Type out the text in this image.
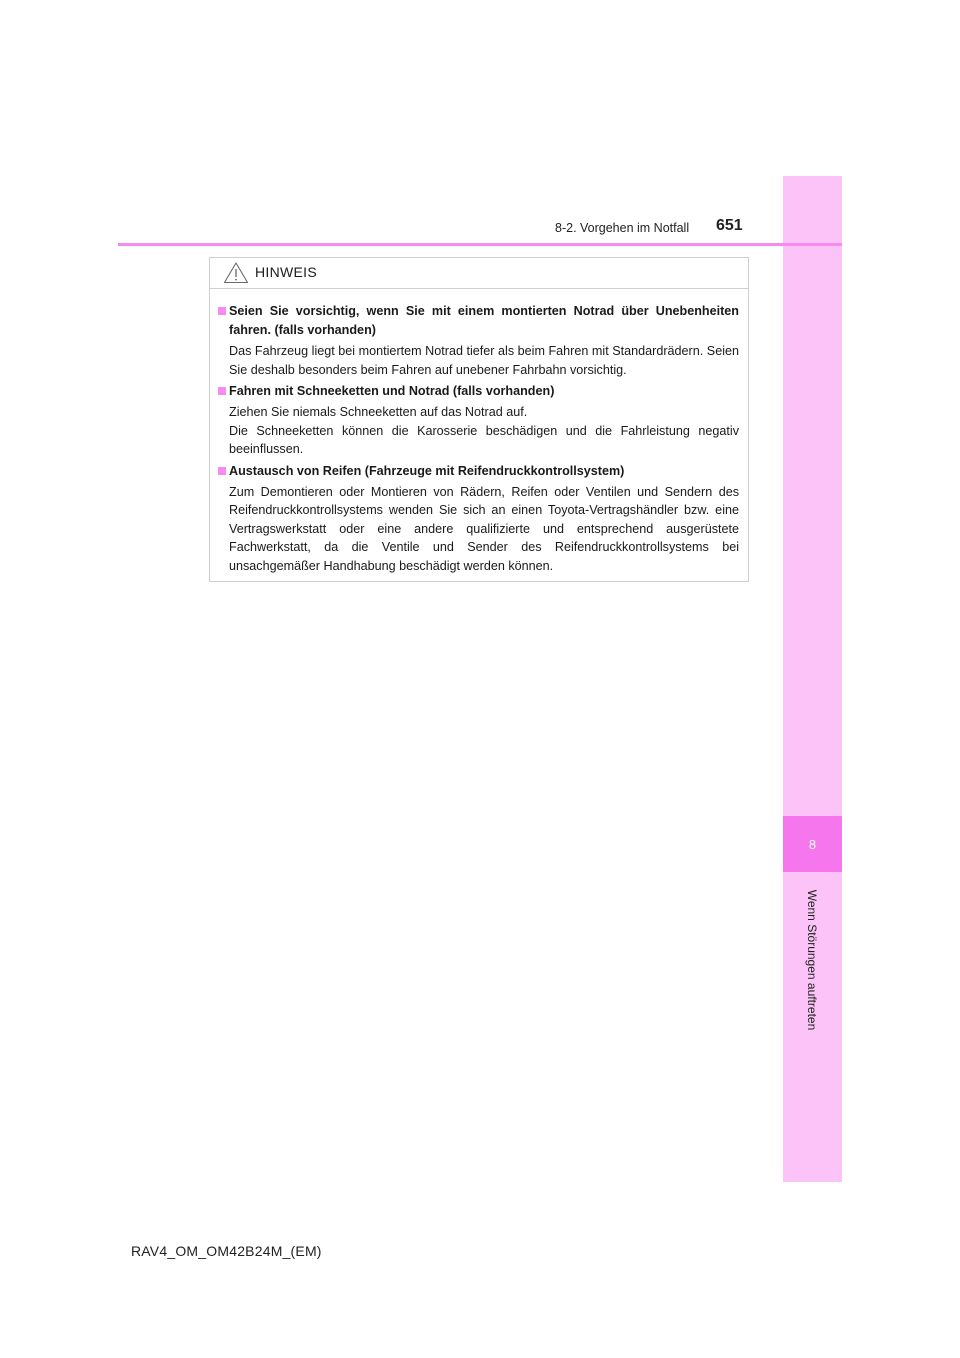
8
Wenn Störungen auftreten
8-2. Vorgehen im Notfall 651
HINWEIS
Seien Sie vorsichtig, wenn Sie mit einem montierten Notrad über Unebenheiten fahren. (falls vorhanden)
Das Fahrzeug liegt bei montiertem Notrad tiefer als beim Fahren mit Standardrädern. Seien Sie deshalb besonders beim Fahren auf unebener Fahrbahn vorsichtig.
Fahren mit Schneeketten und Notrad (falls vorhanden)
Ziehen Sie niemals Schneeketten auf das Notrad auf.
Die Schneeketten können die Karosserie beschädigen und die Fahrleistung negativ beeinflussen.
Austausch von Reifen (Fahrzeuge mit Reifendruckkontrollsystem)
Zum Demontieren oder Montieren von Rädern, Reifen oder Ventilen und Sendern des Reifendruckkontrollsystems wenden Sie sich an einen Toyota-Vertragshändler bzw. eine Vertragswerkstatt oder eine andere qualifizierte und entsprechend ausgerüstete Fachwerkstatt, da die Ventile und Sender des Reifendruckkontrollsystems bei unsachgemäßer Handhabung beschädigt werden können.
RAV4_OM_OM42B24M_(EM)
